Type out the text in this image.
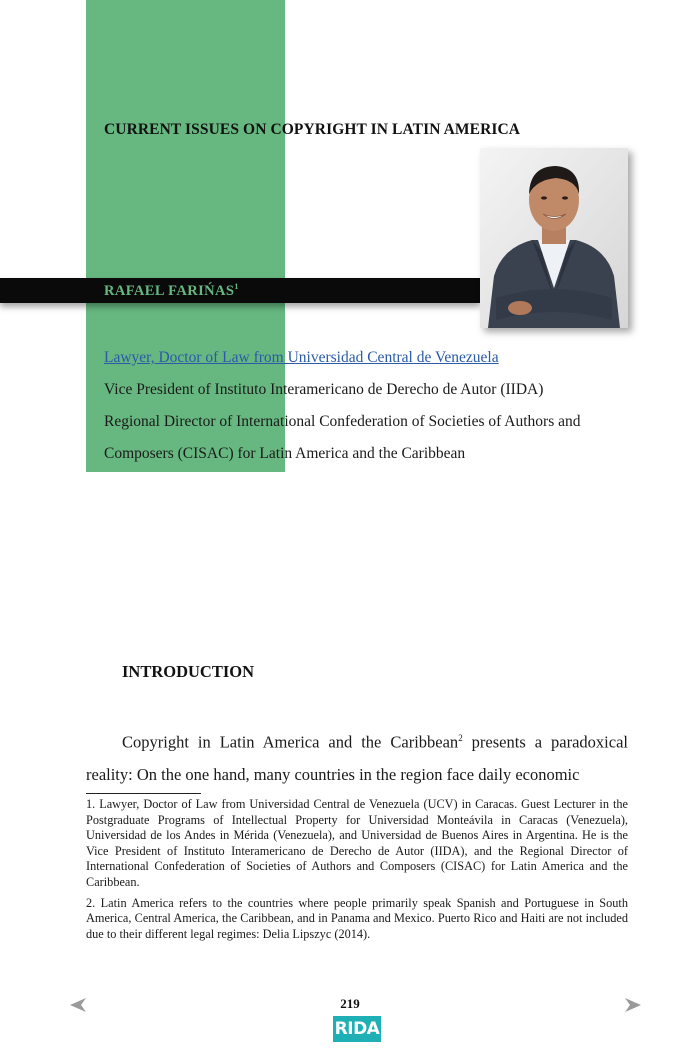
CURRENT ISSUES ON COPYRIGHT IN LATIN AMERICA
RAFAEL FARIŃAS$^1$

Lawyer, Doctor of Law from Universidad Central de Venezuela

Vice President of Instituto Interamericano de Derecho de Autor (IIDA)

Regional Director of International Confederation of Societies of Authors and

Composers (CISAC) for Latin America and the Caribbean

INTRODUCTION

Copyright in Latin America and the Caribbean$^2$ presents a paradoxical reality: On the one hand, many countries in the region face daily economic

1. Lawyer, Doctor of Law from Universidad Central de Venezuela (UCV) in Caracas. Guest Lecturer in the Postgraduate Programs of Intellectual Property for Universidad Monteávila in Caracas (Venezuela), Universidad de los Andes in Mérida (Venezuela), and Universidad de Buenos Aires in Argentina. He is the Vice President of Instituto Interamericano de Derecho de Autor (IIDA), and the Regional Director of International Confederation of Societies of Authors and Composers (CISAC) for Latin America and the Caribbean.

2. Latin America refers to the countries where people primarily speak Spanish and Portuguese in South America, Central America, the Caribbean, and in Panama and Mexico. Puerto Rico and Haiti are not included due to their different legal regimes: Delia Lipszyc (2014).

219
RIDA
